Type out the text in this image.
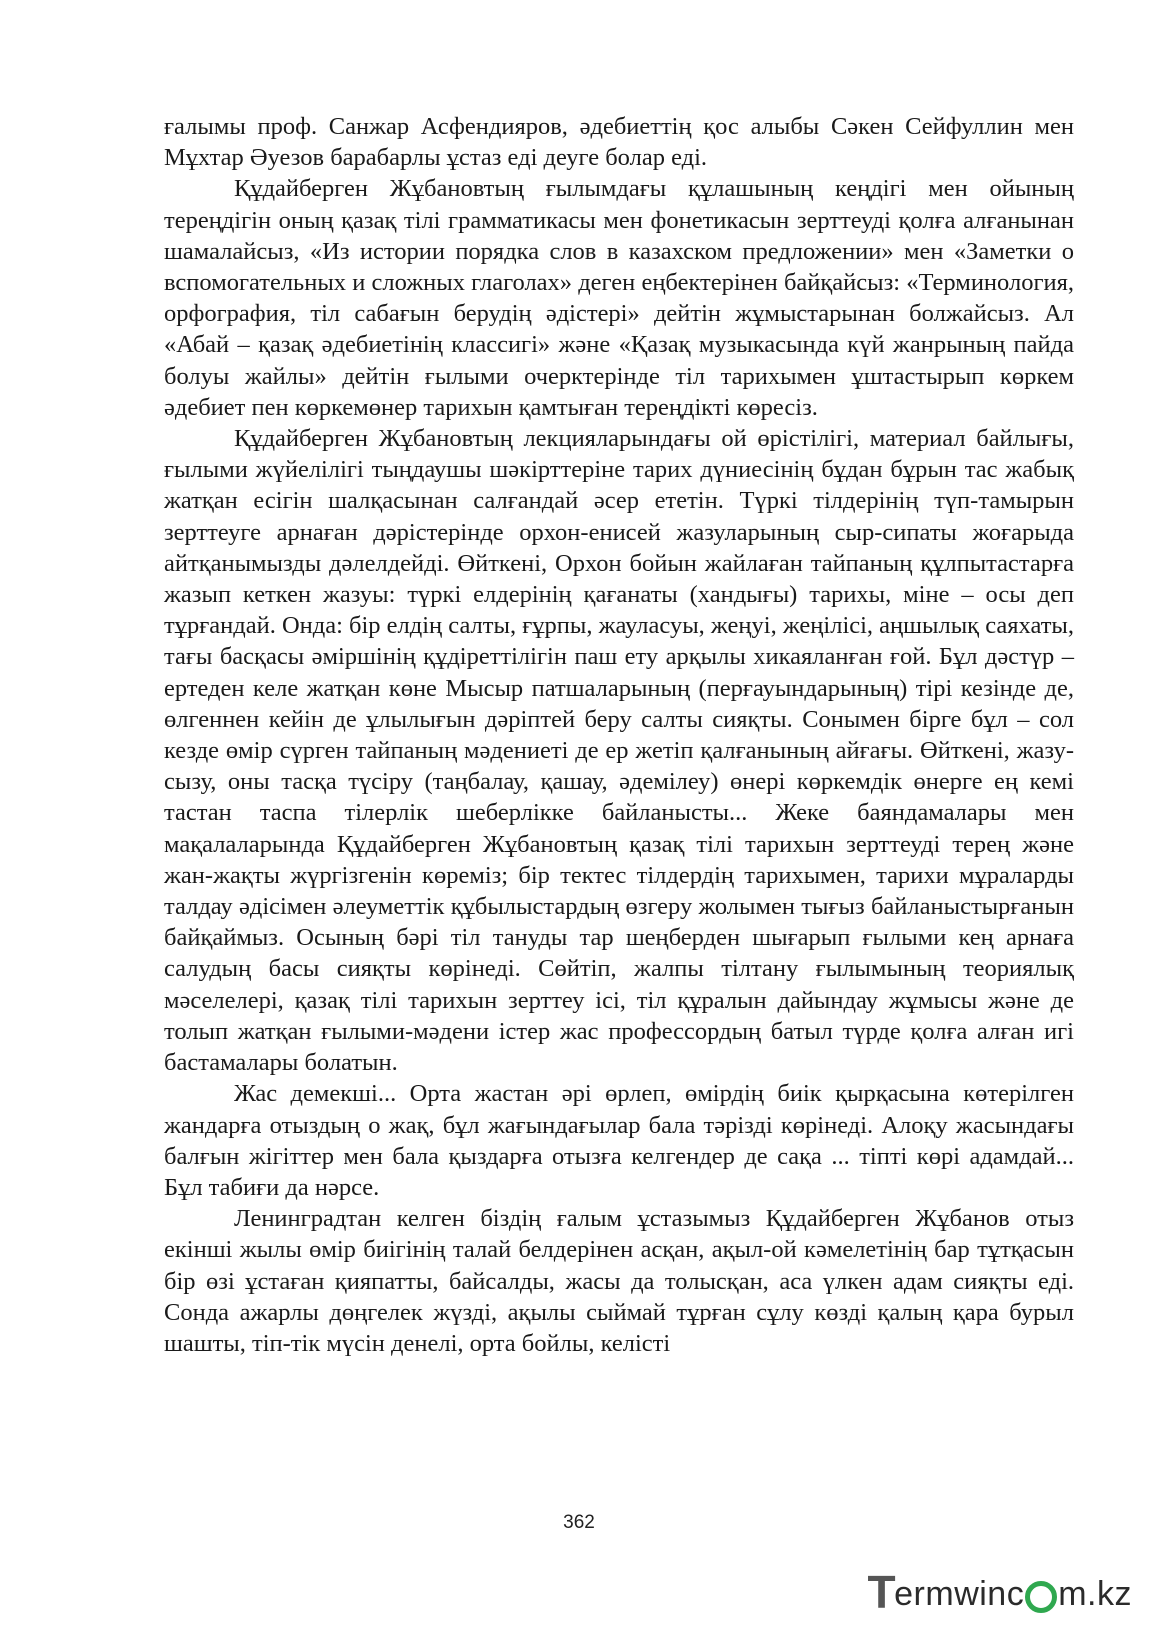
ғалымы проф. Санжар Асфендияров, әдебиеттің қос алыбы Сәкен Сейфуллин мен Мұхтар Әуезов барабарлы ұстаз еді деуге болар еді.

Құдайберген Жұбановтың ғылымдағы құлашының кеңдігі мен ойының тереңдігін оның қазақ тілі грамматикасы мен фонетикасын зерттеуді қолға алғанынан шамалайсыз, «Из истории порядка слов в казахском предложении» мен «Заметки о вспомогательных и сложных глаголах» деген еңбектерінен байқайсыз: «Терминология, орфография, тіл сабағын берудің әдістері» дейтін жұмыстарынан болжайсыз. Ал «Абай – қазақ әдебиетінің классигі» және «Қазақ музыкасында күй жанрының пайда болуы жайлы» дейтін ғылыми очерктерінде тіл тарихымен ұштастырып көркем әдебиет пен көркемөнер тарихын қамтыған тереңдікті көресіз.

Құдайберген Жұбановтың лекцияларындағы ой өрістілігі, материал байлығы, ғылыми жүйелілігі тыңдаушы шәкірттеріне тарих дүниесінің бұдан бұрын тас жабық жатқан есігін шалқасынан салғандай әсер ететін. Түркі тілдерінің түп-тамырын зерттеуге арнаған дәрістерінде орхон-енисей жазуларының сыр-сипаты жоғарыда айтқанымызды дәлелдейді. Өйткені, Орхон бойын жайлаған тайпаның құлпытастарға жазып кеткен жазуы: түркі елдерінің қағанаты (хандығы) тарихы, міне – осы деп тұрғандай. Онда: бір елдің салты, ғұрпы, жауласуы, жеңуі, жеңілісі, аңшылық саяхаты, тағы басқасы әміршінің құдіреттілігін паш ету арқылы хикаяланған ғой. Бұл дәстүр – ертеден келе жатқан көне Мысыр патшаларының (перғауындарының) тірі кезінде де, өлгеннен кейін де ұлылығын дәріптей беру салты сияқты. Сонымен бірге бұл – сол кезде өмір сүрген тайпаның мәдениеті де ер жетіп қалғанының айғағы. Өйткені, жазу-сызу, оны тасқа түсіру (таңбалау, қашау, әдемілеу) өнері көркемдік өнерге ең кемі тастан таспа тілерлік шеберлікке байланысты... Жеке баяндамалары мен мақалаларында Құдайберген Жұбановтың қазақ тілі тарихын зерттеуді терең және жан-жақты жүргізгенін көреміз; бір тектес тілдердің тарихымен, тарихи мұраларды талдау әдісімен әлеуметтік құбылыстардың өзгеру жолымен тығыз байланыстырғанын байқаймыз. Осының бәрі тіл тануды тар шеңберден шығарып ғылыми кең арнаға салудың басы сияқты көрінеді. Сөйтіп, жалпы тілтану ғылымының теориялық мәселелері, қазақ тілі тарихын зерттеу ісі, тіл құралын дайындау жұмысы және де толып жатқан ғылыми-мәдени істер жас профессордың батыл түрде қолға алған игі бастамалары болатын.

Жас демекші... Орта жастан әрі өрлеп, өмірдің биік қырқасына көтерілген жандарға отыздың о жақ, бұл жағындағылар бала тәрізді көрінеді. Алоқу жасындағы балғын жігіттер мен бала қыздарға отызға келгендер де сақа ... тіпті көрі адамдай... Бұл табиғи да нәрсе.

Ленинградтан келген біздің ғалым ұстазымыз Құдайберген Жұбанов отыз екінші жылы өмір биігінің талай белдерінен асқан, ақыл-ой кәмелетінің бар тұтқасын бір өзі ұстаған қияпатты, байсалды, жасы да толысқан, аса үлкен адам сияқты еді. Сонда ажарлы дөңгелек жүзді, ақылы сыймай тұрған сұлу көзді қалың қара бурыл шашты, тіп-тік мүсін денелі, орта бойлы, келісті

362
T
ermwinc m.kz
